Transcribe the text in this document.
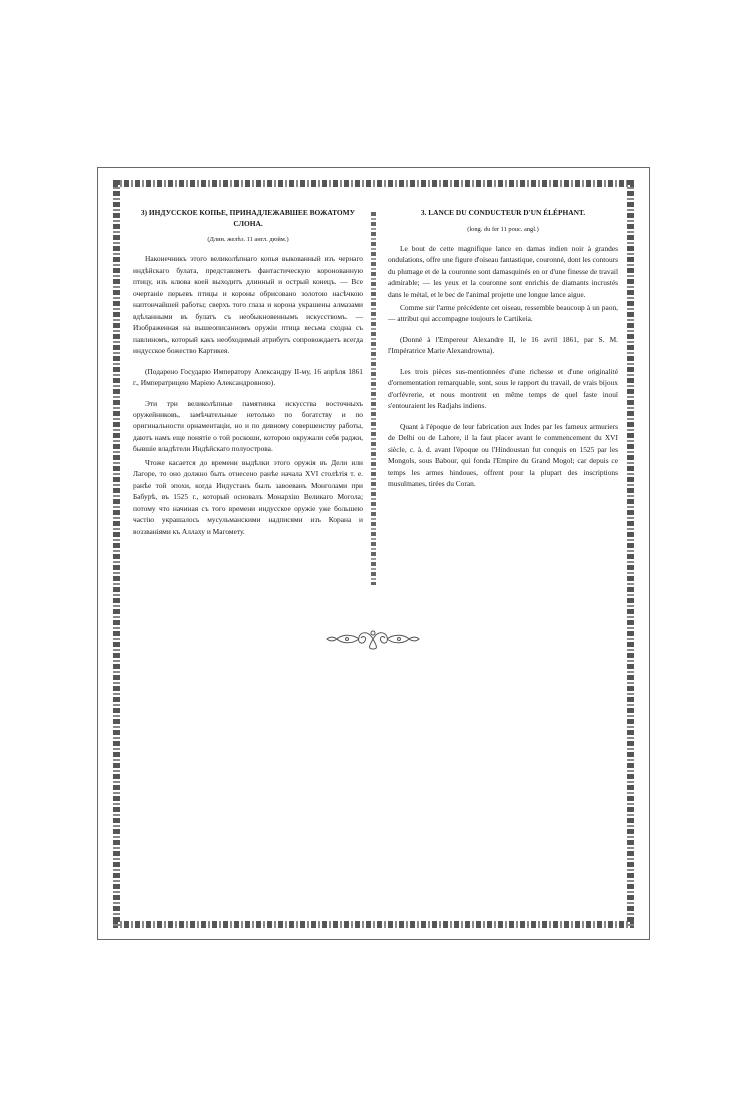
3) ИНДУССКОЕ КОПЬЕ, ПРИНАДЛЕЖАВШЕЕ ВОЖАТОМУ СЛОНА.
(Длин. желѣз. 11 англ. дюйм.)

Наконечникъ этого великолѣпнаго копья выкованный изъ чернаго индѣйскаго булата, представляетъ фантастическую коронованную птицу, изъ клюва коей выходитъ длинный и острый конецъ. — Все очертанiе перьевъ птицы и короны обрисовано золотою насѣчкою наптончайшей работы; сверхъ того глаза и корона украшены алмазами вдѣланными въ булатъ съ необыкновеннымъ искусствомъ. — Изображенная на вышеописанномъ оружiи птица весьма сходна съ павлиномъ, который какъ необходимый атрибутъ сопровождаетъ всегда индусское божество Картикея.

(Подарено Государю Императору Александру II-му, 16 апрѣля 1861 г., Императрицею Марiею Александровною).

Эти три великолѣпные памятника искусства восточныхъ оружейниковъ, замѣчательные нетолько по богатству и по оригинальности орнаментацiи, но и по дивному совершенству работы, даютъ намъ еще понятiе о той роскоши, которою окружали себя раджи, бывшiе владѣтели Индѣйскаго полуострова.

Чтоже касается до времени выдѣлки этого оружiя въ Дели или Лагоре, то оно должно быть отнесено ранѣе начала XVI столѣтiя т. е. ранѣе той эпохи, когда Индустанъ былъ завоеванъ Монголами при Бабурѣ, въ 1525 г., который основалъ Монархiю Великаго Могола; потому что начиная съ того времени индусское оружiе уже большею частiю украшалось мусульманскими надписями изъ Корана и воззванiями къ Аллаху и Магомету.

3. LANCE DU CONDUCTEUR D'UN ÉLÉPHANT.
(long. du fer 11 pouc. angl.)

Le bout de cette magnifique lance en damas indien noir à grandes ondulations, offre une figure d'oiseau fantastique, couronné, dont les contours du plumage et de la couronne sont damasquinés en or d'une finesse de travail admirable; — les yeux et la couronne sont enrichis de diamants incrustés dans le métal, et le bec de l'animal projette une longue lance aigue.

Comme sur l'arme précédente cet oiseau, ressemble beaucoup à un paon, — attribut qui accompagne toujours le Cartikeia.

(Donné à l'Empereur Alexandre II, le 16 avril 1861, par S. M. l'Impératrice Marie Alexandrowna).

Les trois pièces sus-mentionnées d'une richesse et d'une originalité d'ornementation remarquable, sont, sous le rapport du travail, de vrais bijoux d'orfévrerie, et nous montrent en même temps de quel faste inouï s'entouraient les Radjahs indiens.

Quant à l'époque de leur fabrication aux Indes par les fameux armuriers de Delhi ou de Lahore, il la faut placer avant le commencement du XVI siècle, c. à. d. avant l'époque ou l'Hindoustan fut conquis en 1525 par les Mongols, sous Babour, qui fonda l'Empire du Grand Mogol; car depuis ce temps les armes hindoues, offrent pour la plupart des inscriptions musulmanes, tirées du Coran.
